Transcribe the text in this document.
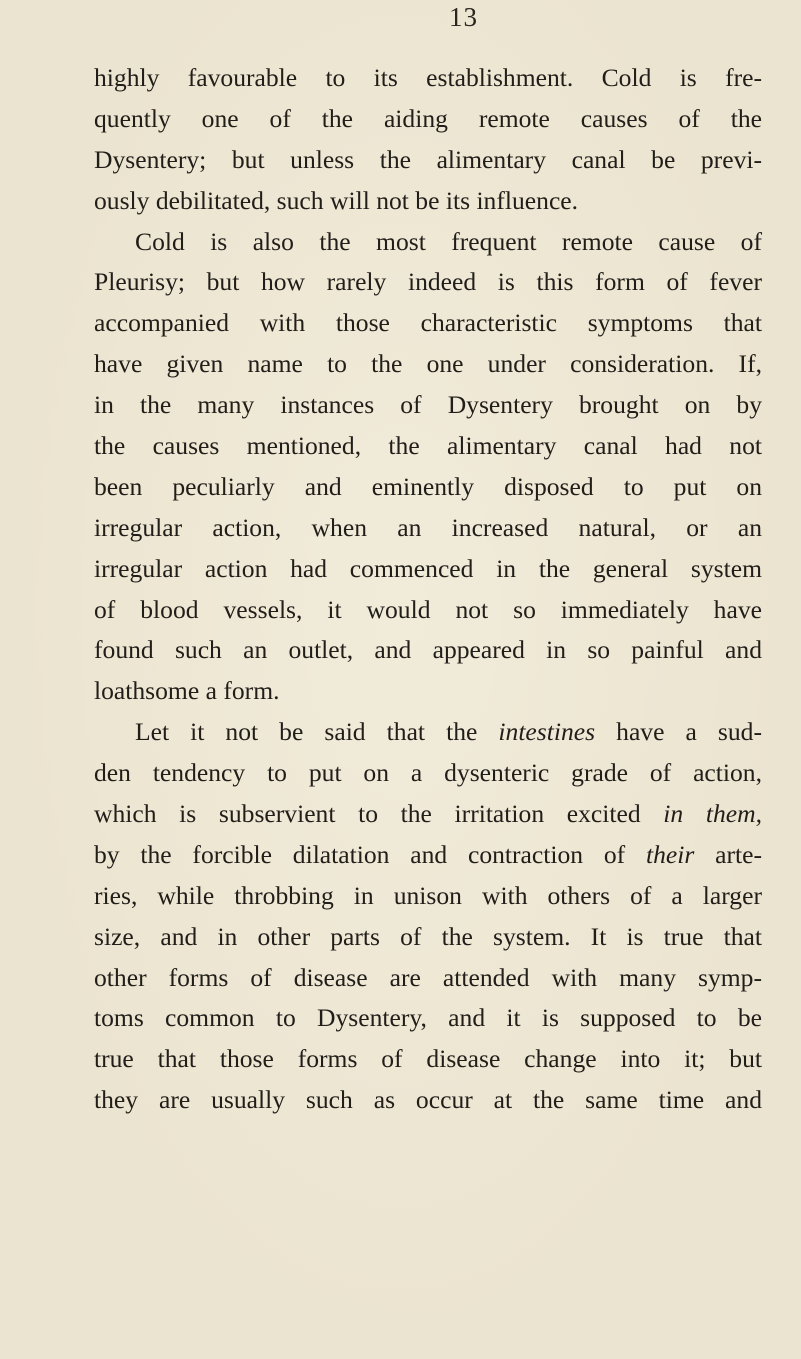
13
highly favourable to its establishment. Cold is fre-
quently one of the aiding remote causes of the
Dysentery; but unless the alimentary canal be previ-
ously debilitated, such will not be its influence.
Cold is also the most frequent remote cause of
Pleurisy; but how rarely indeed is this form of fever
accompanied with those characteristic symptoms that
have given name to the one under consideration. If,
in the many instances of Dysentery brought on by
the causes mentioned, the alimentary canal had not
been peculiarly and eminently disposed to put on
irregular action, when an increased natural, or an
irregular action had commenced in the general system
of blood vessels, it would not so immediately have
found such an outlet, and appeared in so painful and
loathsome a form.
Let it not be said that the intestines have a sud-
den tendency to put on a dysenteric grade of action,
which is subservient to the irritation excited in them,
by the forcible dilatation and contraction of their arte-
ries, while throbbing in unison with others of a larger
size, and in other parts of the system. It is true that
other forms of disease are attended with many symp-
toms common to Dysentery, and it is supposed to be
true that those forms of disease change into it; but
they are usually such as occur at the same time and
